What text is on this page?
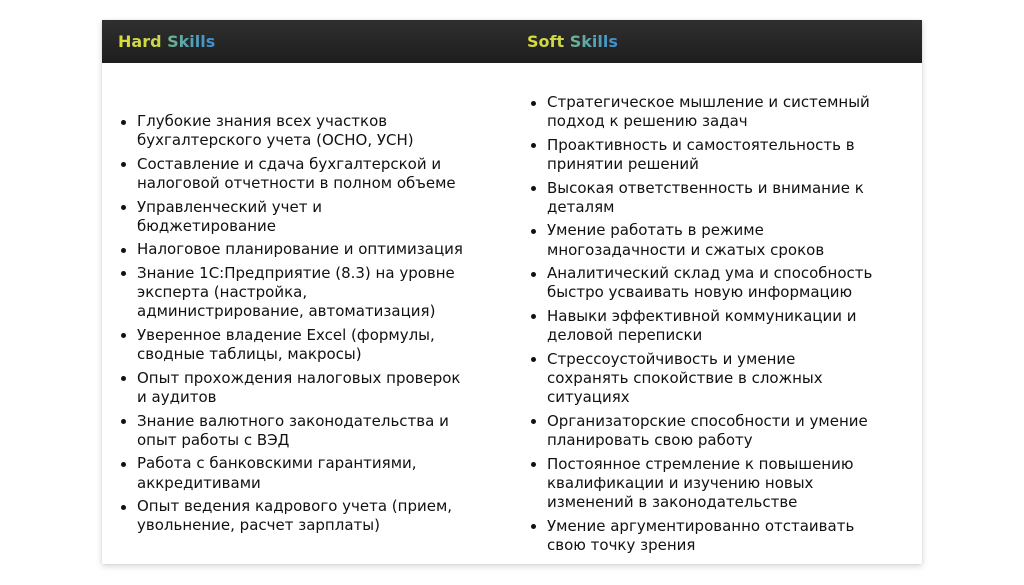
Hard Skills	Soft Skills
Глубокие знания всех участков бухгалтерского учета (ОСНО, УСН)
Составление и сдача бухгалтерской и налоговой отчетности в полном объеме
Управленческий учет и бюджетирование
Налоговое планирование и оптимизация
Знание 1С:Предприятие (8.3) на уровне эксперта (настройка, администрирование, автоматизация)
Уверенное владение Excel (формулы, сводные таблицы, макросы)
Опыт прохождения налоговых проверок и аудитов
Знание валютного законодательства и опыт работы с ВЭД
Работа с банковскими гарантиями, аккредитивами
Опыт ведения кадрового учета (прием, увольнение, расчет зарплаты)
Стратегическое мышление и системный подход к решению задач
Проактивность и самостоятельность в принятии решений
Высокая ответственность и внимание к деталям
Умение работать в режиме многозадачности и сжатых сроков
Аналитический склад ума и способность быстро усваивать новую информацию
Навыки эффективной коммуникации и деловой переписки
Стрессоустойчивость и умение сохранять спокойствие в сложных ситуациях
Организаторские способности и умение планировать свою работу
Постоянное стремление к повышению квалификации и изучению новых изменений в законодательстве
Умение аргументированно отстаивать свою точку зрения
